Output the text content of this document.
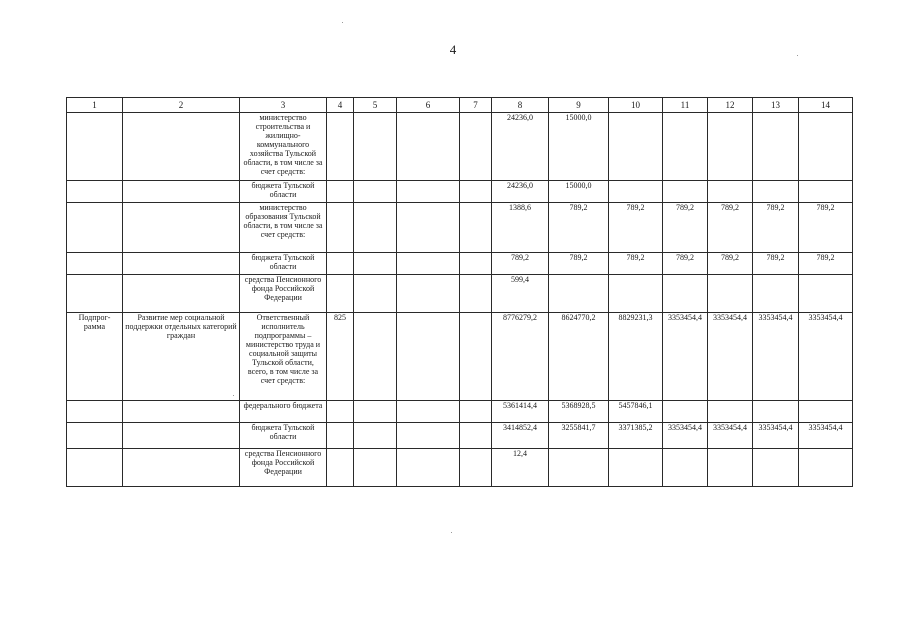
4
1	2	3	4	5	6	7	8	9	10	11	12	13	14
		министерство строительства и жилищно-коммунального хозяйства Тульской области, в том числе за счет средств:					24236,0	15000,0					
		бюджета Тульской области					24236,0	15000,0					
		министерство образования Тульской области, в том числе за счет средств:					1388,6	789,2	789,2	789,2	789,2	789,2	789,2
		бюджета Тульской области					789,2	789,2	789,2	789,2	789,2	789,2	789,2
		средства Пенсионного фонда Российской Федерации					599,4						
Подпрог-рамма	Развитие мер социальной поддержки отдельных категорий граждан	Ответственный исполнитель подпрограммы – министерство труда и социальной защиты Тульской области, всего, в том числе за счет средств:	825				8776279,2	8624770,2	8829231,3	3353454,4	3353454,4	3353454,4	3353454,4
		федерального бюджета					5361414,4	5368928,5	5457846,1				
		бюджета Тульской области					3414852,4	3255841,7	3371385,2	3353454,4	3353454,4	3353454,4	3353454,4
		средства Пенсионного фонда Российской Федерации					12,4						
